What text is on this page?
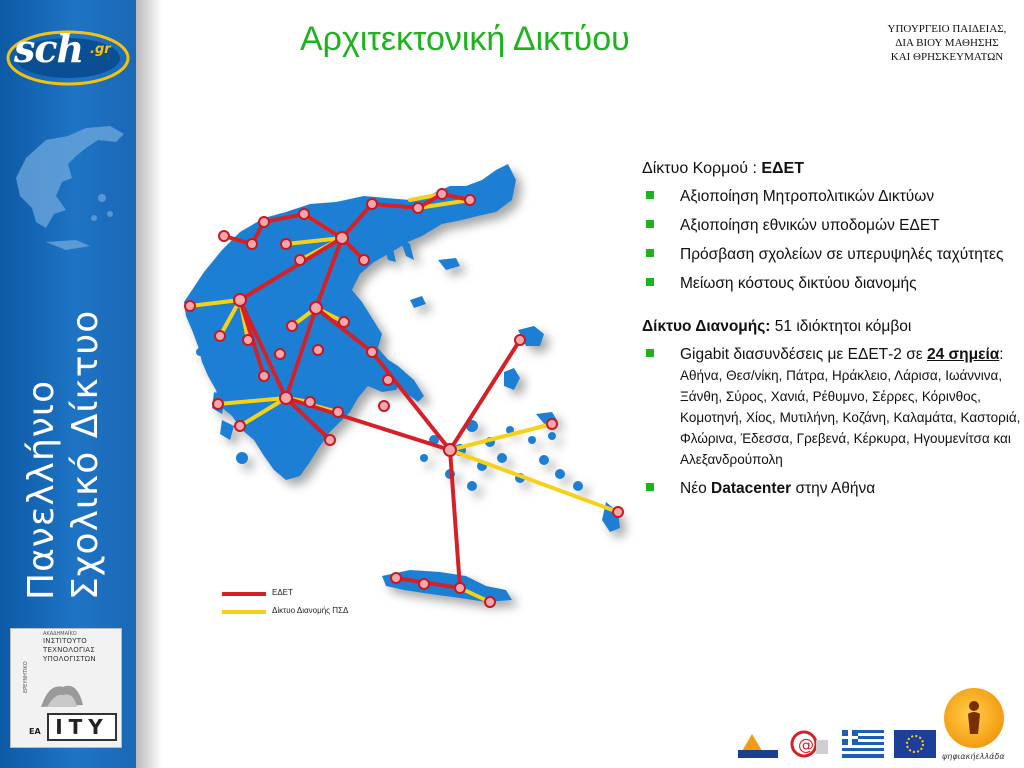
sch .gr
Πανελλήνιο Σχολικό Δίκτυο
ΑΚΑΔΗΜΑΪΚΟ
ΙΝΣΤΙΤΟΥΤΟ
ΤΕΧΝΟΛΟΓΙΑΣ
ΥΠΟΛΟΓΙΣΤΩΝ
ΕΡΕΥΝΗΤΙΚΟ
ΕΑ ΙΤΥ
Αρχιτεκτονική Δικτύου	ΥΠΟΥΡΓΕΙΟ ΠΑΙΔΕΙΑΣ,
ΔΙΑ ΒΙΟΥ ΜΑΘΗΣΗΣ
ΚΑΙ ΘΡΗΣΚΕΥΜΑΤΩΝ
ΕΔΕΤ
Δίκτυο Διανομής ΠΣΔ
Δίκτυο Κορμού : ΕΔΕΤ
Αξιοποίηση Μητροπολιτικών Δικτύων
Αξιοποίηση εθνικών υποδομών ΕΔΕΤ
Πρόσβαση σχολείων σε υπερυψηλές ταχύτητες
Μείωση κόστους δικτύου διανομής
Δίκτυο Διανομής: 51 ιδιόκτητοι κόμβοι
Gigabit διασυνδέσεις με ΕΔΕΤ-2 σε 24 σημεία: Αθήνα, Θεσ/νίκη, Πάτρα, Ηράκλειο, Λάρισα, Ιωάννινα, Ξάνθη, Σύρος, Χανιά, Ρέθυμνο, Σέρρες, Κόρινθος, Κομοτηνή, Χίος, Μυτιλήνη, Κοζάνη, Καλαμάτα, Καστοριά, Φλώρινα, Έδεσσα, Γρεβενά, Κέρκυρα, Ηγουμενίτσα και Αλεξανδρούπολη
Νέο Datacenter στην Αθήνα
@
ψηφιακήελλάδα
